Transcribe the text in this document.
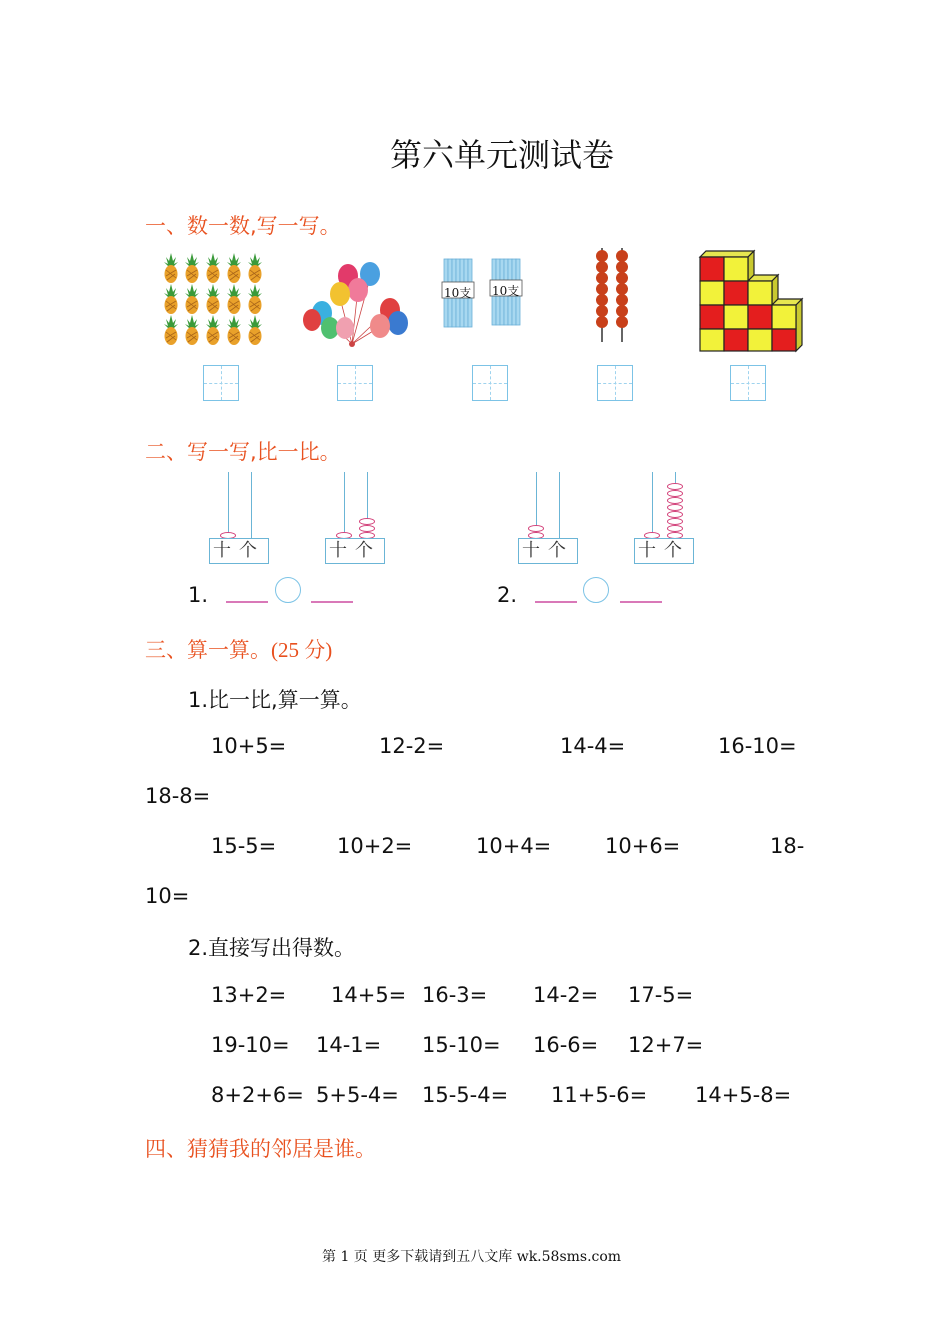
第六单元测试卷
一、数一数,写一写。
10支 10支
二、写一写,比一比。
十个	十个	十个	十个
1.	2.
三、算一算。(25 分)
1.比一比,算一算。
10+5=	12-2=	14-4=	16-10=
18-8=
15-5=	10+2=	10+4=	10+6=	18-
10=
2.直接写出得数。
13+2= 14+5= 16-3= 14-2= 17-5=
19-10= 14-1= 15-10= 16-6= 12+7=
8+2+6= 5+5-4= 15-5-4= 11+5-6= 14+5-8=
四、猜猜我的邻居是谁。
第 1 页 更多下载请到五八文库 wk.58sms.com
